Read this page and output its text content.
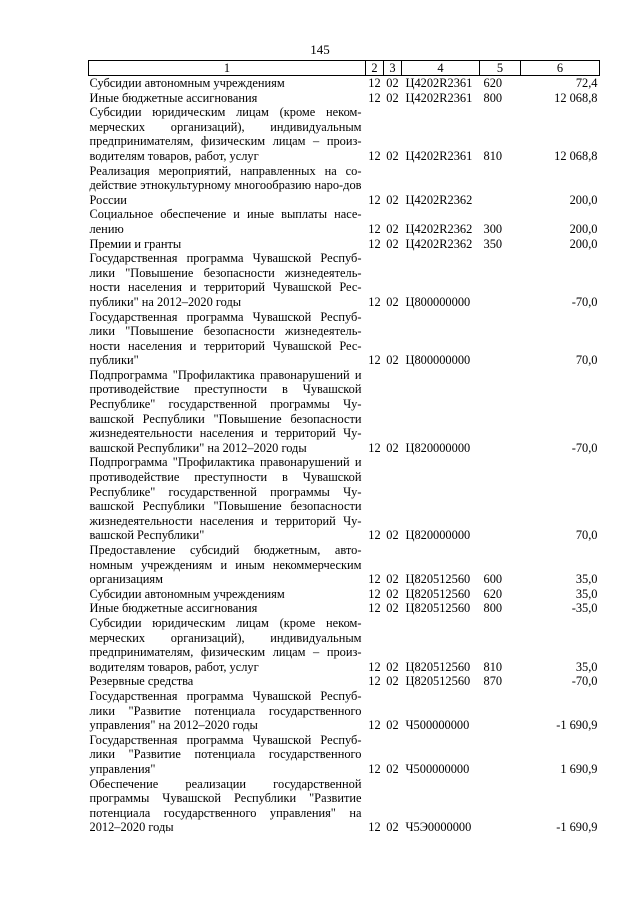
145
1	2	3	4	5	6
Субсидии автономным учреждениям	12	02	Ц4202R2361	620	72,4
Иные бюджетные ассигнования	12	02	Ц4202R2361	800	12 068,8
Субсидии юридическим лицам (кроме неком-мерческих организаций), индивидуальным предпринимателям, физическим лицам – произ-водителям товаров, работ, услуг	12	02	Ц4202R2361	810	12 068,8
Реализация мероприятий, направленных на со-действие этнокультурному многообразию наро-дов России	12	02	Ц4202R2362		200,0
Социальное обеспечение и иные выплаты насе-лению	12	02	Ц4202R2362	300	200,0
Премии и гранты	12	02	Ц4202R2362	350	200,0
Государственная программа Чувашской Респуб-лики "Повышение безопасности жизнедеятель-ности населения и территорий Чувашской Рес-публики" на 2012–2020 годы	12	02	Ц800000000		-70,0
Государственная программа Чувашской Респуб-лики "Повышение безопасности жизнедеятель-ности населения и территорий Чувашской Рес-публики"	12	02	Ц800000000		70,0
Подпрограмма "Профилактика правонарушений и противодействие преступности в Чувашской Республике" государственной программы Чу-вашской Республики "Повышение безопасности жизнедеятельности населения и территорий Чу-вашской Республики" на 2012–2020 годы	12	02	Ц820000000		-70,0
Подпрограмма "Профилактика правонарушений и противодействие преступности в Чувашской Республике" государственной программы Чу-вашской Республики "Повышение безопасности жизнедеятельности населения и территорий Чу-вашской Республики"	12	02	Ц820000000		70,0
Предоставление субсидий бюджетным, авто-номным учреждениям и иным некоммерческим организациям	12	02	Ц820512560	600	35,0
Субсидии автономным учреждениям	12	02	Ц820512560	620	35,0
Иные бюджетные ассигнования	12	02	Ц820512560	800	-35,0
Субсидии юридическим лицам (кроме неком-мерческих организаций), индивидуальным предпринимателям, физическим лицам – произ-водителям товаров, работ, услуг	12	02	Ц820512560	810	35,0
Резервные средства	12	02	Ц820512560	870	-70,0
Государственная программа Чувашской Респуб-лики "Развитие потенциала государственного управления" на 2012–2020 годы	12	02	Ч500000000		-1 690,9
Государственная программа Чувашской Респуб-лики "Развитие потенциала государственного управления"	12	02	Ч500000000		1 690,9
Обеспечение реализации государственной программы Чувашской Республики "Развитие потенциала государственного управления" на 2012–2020 годы	12	02	Ч5Э0000000		-1 690,9
